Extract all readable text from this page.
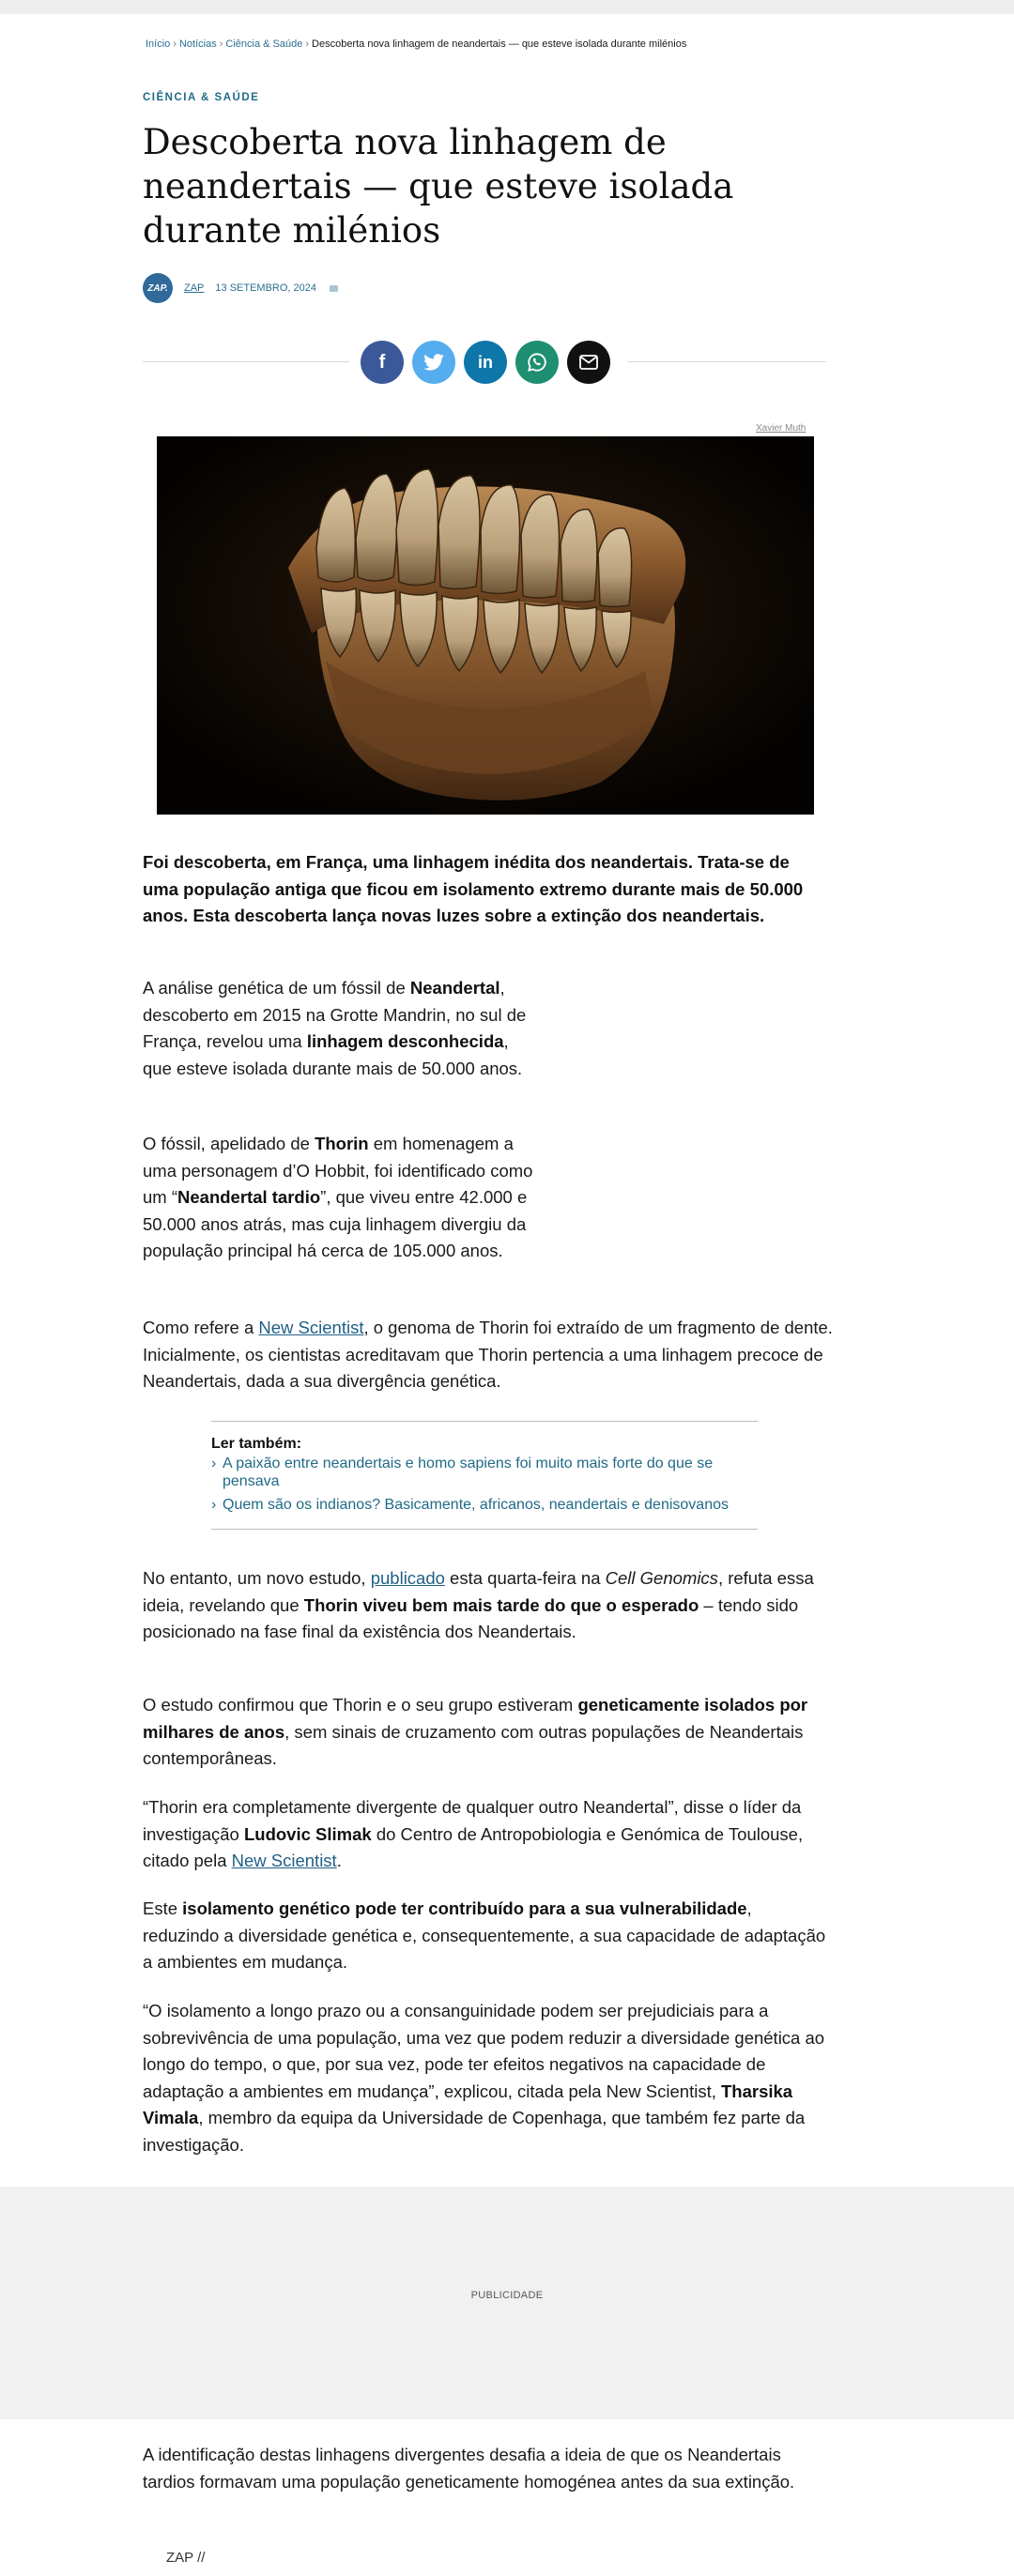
Início › Notícias › Ciência & Saúde › Descoberta nova linhagem de neandertais — que esteve isolada durante milénios
CIÊNCIA & SAÚDE
Descoberta nova linhagem de neandertais — que esteve isolada durante milénios
ZAP.	ZAP 13 SETEMBRO, 2024
f	in
Xavier Muth

Foi descoberta, em França, uma linhagem inédita dos neandertais. Trata-se de uma população antiga que ficou em isolamento extremo durante mais de 50.000 anos. Esta descoberta lança novas luzes sobre a extinção dos neandertais.

A análise genética de um fóssil de Neandertal, descoberto em 2015 na Grotte Mandrin, no sul de França, revelou uma linhagem desconhecida, que esteve isolada durante mais de 50.000 anos.

O fóssil, apelidado de Thorin em homenagem a uma personagem d’O Hobbit, foi identificado como um “Neandertal tardio”, que viveu entre 42.000 e 50.000 anos atrás, mas cuja linhagem divergiu da população principal há cerca de 105.000 anos.

Como refere a New Scientist, o genoma de Thorin foi extraído de um fragmento de dente. Inicialmente, os cientistas acreditavam que Thorin pertencia a uma linhagem precoce de Neandertais, dada a sua divergência genética.

Ler também:
› A paixão entre neandertais e homo sapiens foi muito mais forte do que se pensava
› Quem são os indianos? Basicamente, africanos, neandertais e denisovanos

No entanto, um novo estudo, publicado esta quarta-feira na Cell Genomics, refuta essa ideia, revelando que Thorin viveu bem mais tarde do que o esperado – tendo sido posicionado na fase final da existência dos Neandertais.

O estudo confirmou que Thorin e o seu grupo estiveram geneticamente isolados por milhares de anos, sem sinais de cruzamento com outras populações de Neandertais contemporâneas.

“Thorin era completamente divergente de qualquer outro Neandertal”, disse o líder da investigação Ludovic Slimak do Centro de Antropobiologia e Genómica de Toulouse, citado pela New Scientist.

Este isolamento genético pode ter contribuído para a sua vulnerabilidade, reduzindo a diversidade genética e, consequentemente, a sua capacidade de adaptação a ambientes em mudança.

“O isolamento a longo prazo ou a consanguinidade podem ser prejudiciais para a sobrevivência de uma população, uma vez que podem reduzir a diversidade genética ao longo do tempo, o que, por sua vez, pode ter efeitos negativos na capacidade de adaptação a ambientes em mudança”, explicou, citada pela New Scientist, Tharsika Vimala, membro da equipa da Universidade de Copenhaga, que também fez parte da investigação.

PUBLICIDADE

A identificação destas linhagens divergentes desafia a ideia de que os Neandertais tardios formavam uma população geneticamente homogénea antes da sua extinção.

ZAP //
